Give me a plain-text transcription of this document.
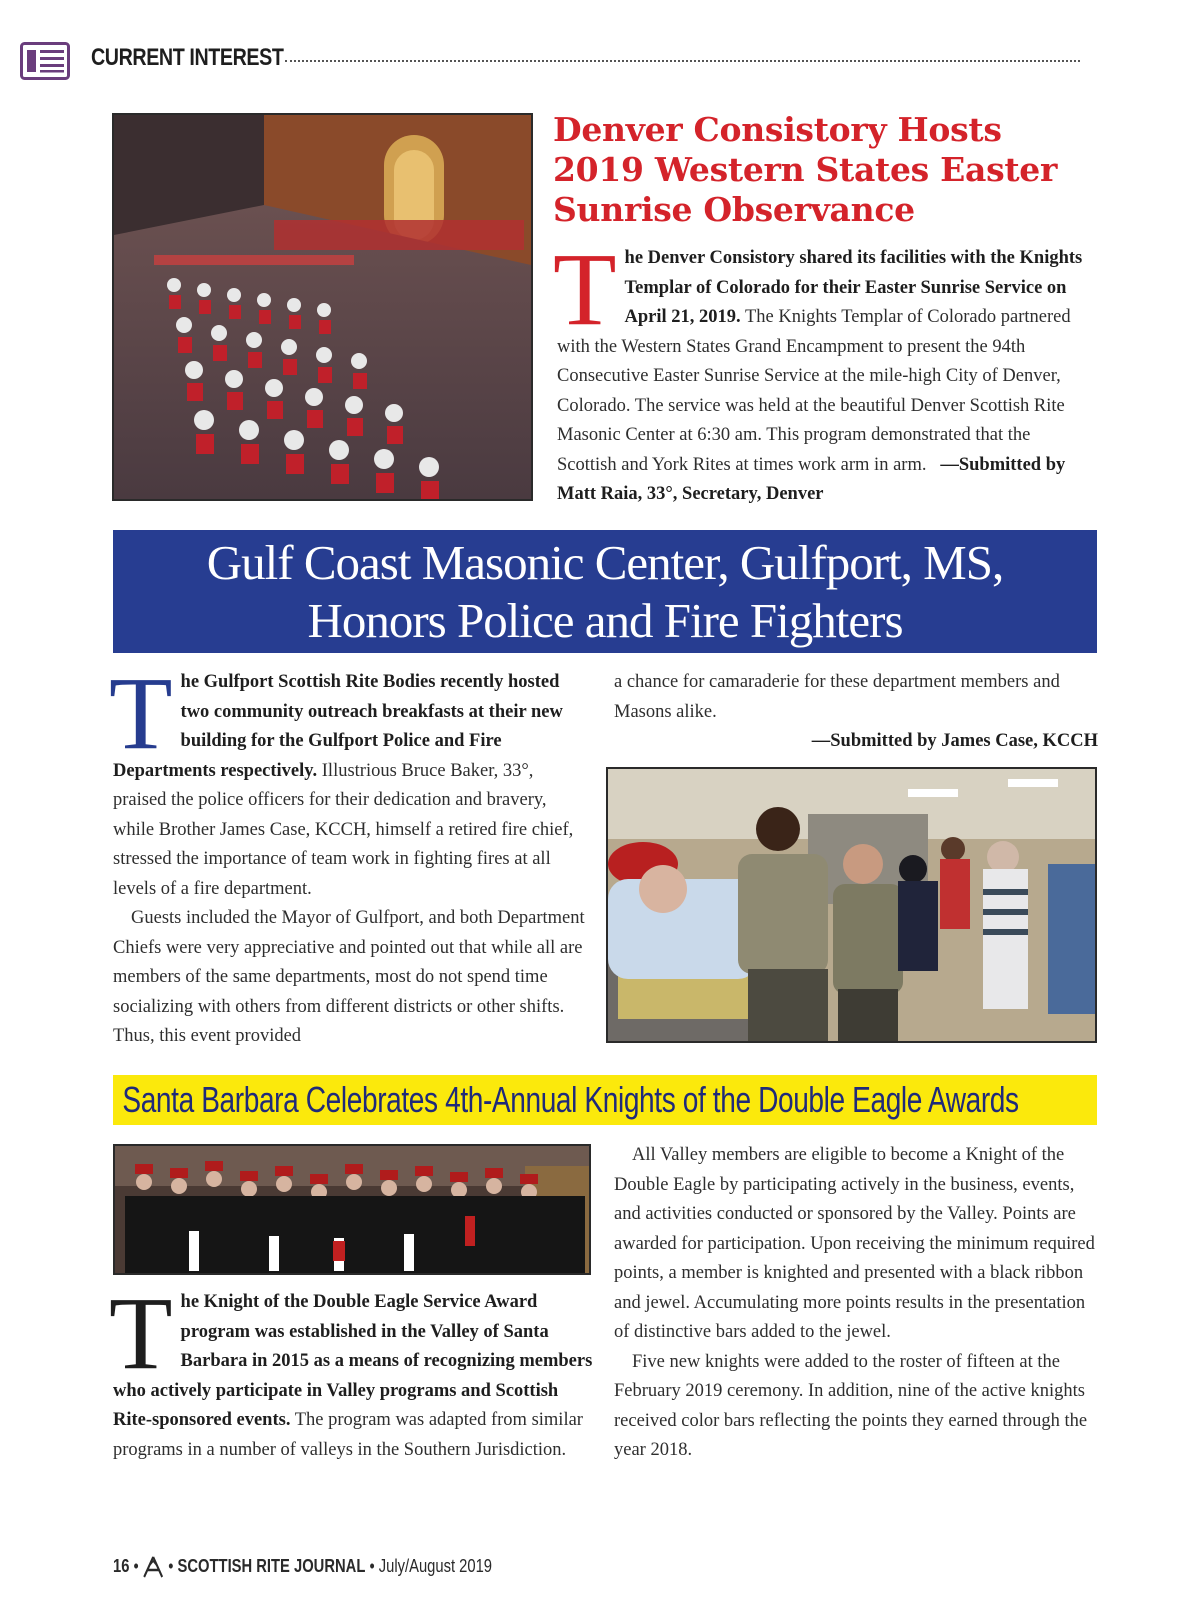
CURRENT INTEREST
Denver Consistory Hosts 2019 Western States Easter Sunrise Observance

The Denver Consistory shared its facilities with the Knights Templar of Colorado for their Easter Sunrise Service on April 21, 2019. The Knights Templar of Colorado partnered with the Western States Grand Encampment to present the 94th Consecutive Easter Sunrise Service at the mile-high City of Denver, Colorado. The service was held at the beautiful Denver Scottish Rite Masonic Center at 6:30 am. This program demonstrated that the Scottish and York Rites at times work arm in arm. —Submitted by Matt Raia, 33°, Secretary, Denver

Gulf Coast Masonic Center, Gulfport, MS,
Honors Police and Fire Fighters

The Gulfport Scottish Rite Bodies recently hosted two community outreach breakfasts at their new building for the Gulfport Police and Fire Departments respectively. Illustrious Bruce Baker, 33°, praised the police officers for their dedication and bravery, while Brother James Case, KCCH, himself a retired fire chief, stressed the importance of team work in fighting fires at all levels of a fire department.

Guests included the Mayor of Gulfport, and both Department Chiefs were very appreciative and pointed out that while all are members of the same departments, most do not spend time socializing with others from different districts or other shifts. Thus, this event provided

a chance for camaraderie for these department members and Masons alike.

—Submitted by James Case, KCCH

Santa Barbara Celebrates 4th-Annual Knights of the Double Eagle Awards

The Knight of the Double Eagle Service Award program was established in the Valley of Santa Barbara in 2015 as a means of recognizing members who actively participate in Valley programs and Scottish Rite-sponsored events. The program was adapted from similar programs in a number of valleys in the Southern Jurisdiction.

All Valley members are eligible to become a Knight of the Double Eagle by participating actively in the business, events, and activities conducted or sponsored by the Valley. Points are awarded for participation. Upon receiving the minimum required points, a member is knighted and presented with a black ribbon and jewel. Accumulating more points results in the presentation of distinctive bars added to the jewel.

Five new knights were added to the roster of fifteen at the February 2019 ceremony. In addition, nine of the active knights received color bars reflecting the points they earned through the year 2018.

16 • • SCOTTISH RITE JOURNAL • July/August 2019
